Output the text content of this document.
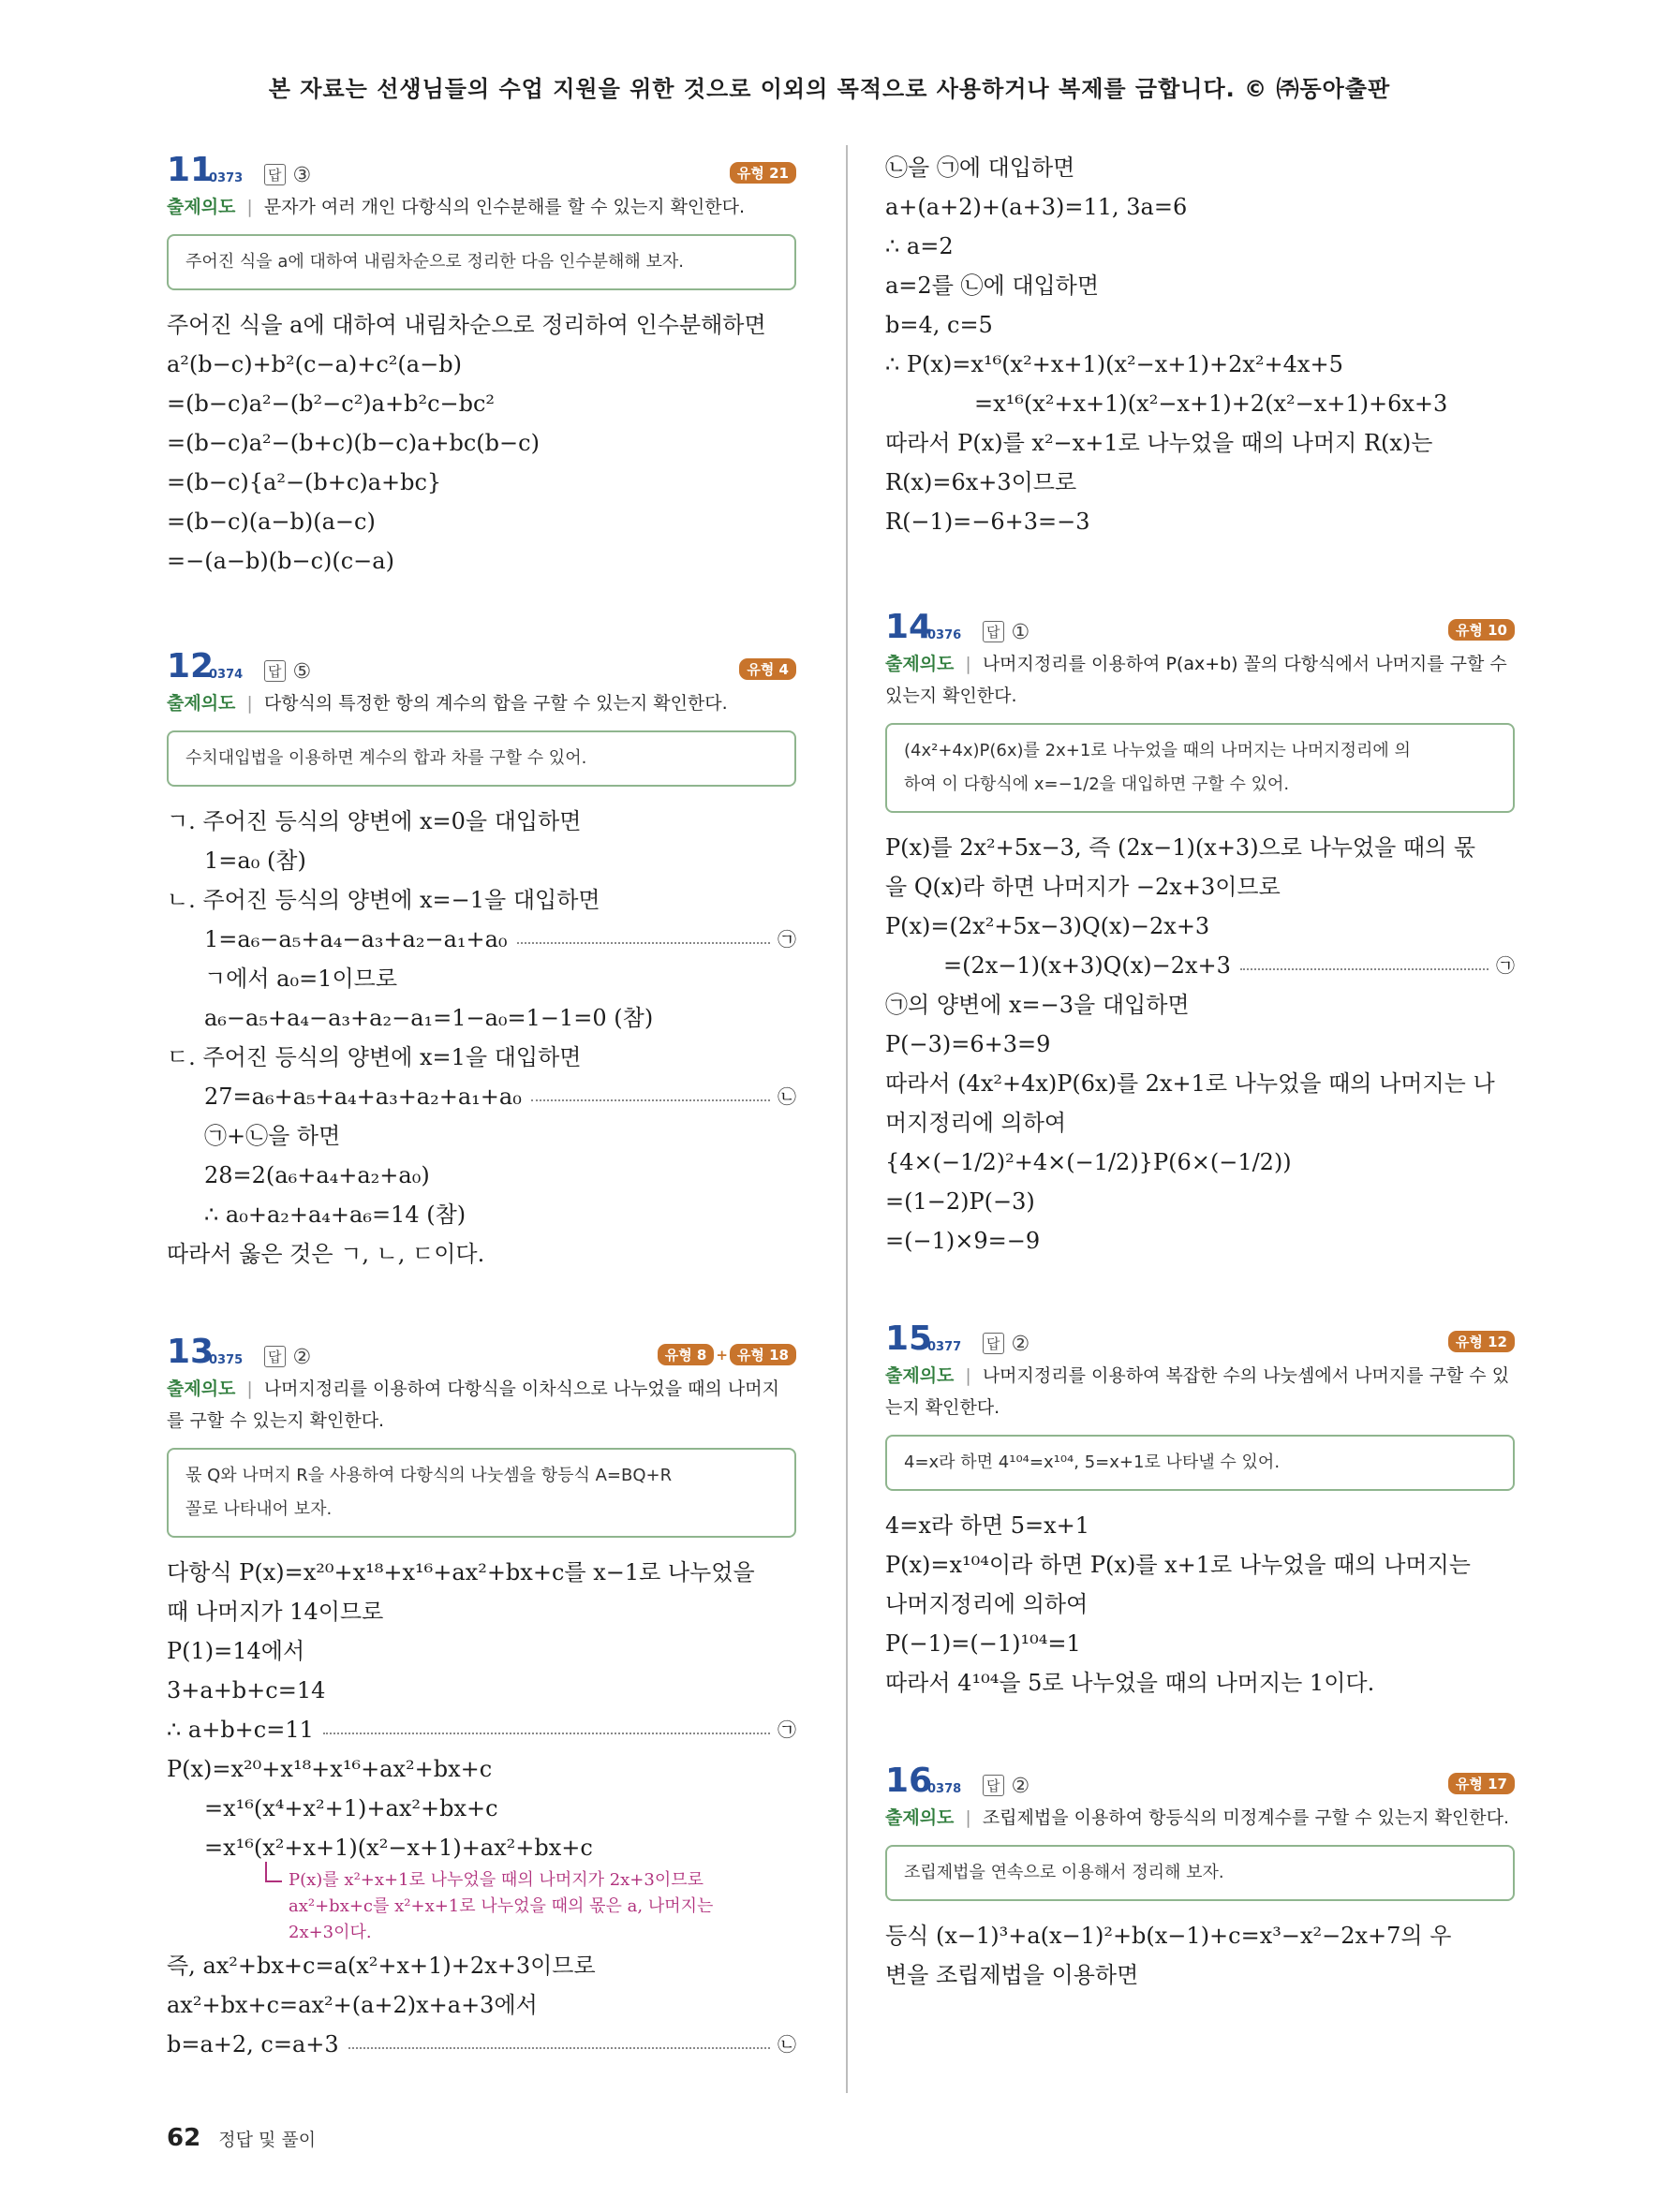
본 자료는 선생님들의 수업 지원을 위한 것으로 이외의 목적으로 사용하거나 복제를 금합니다. © ㈜동아출판
11
0373 답 ③	유형 21
출제의도 | 문자가 여러 개인 다항식의 인수분해를 할 수 있는지 확인한다.
주어진 식을 a에 대하여 내림차순으로 정리한 다음 인수분해해 보자.
주어진 식을 a에 대하여 내림차순으로 정리하여 인수분해하면
a²(b−c)+b²(c−a)+c²(a−b)
=(b−c)a²−(b²−c²)a+b²c−bc²
=(b−c)a²−(b+c)(b−c)a+bc(b−c)
=(b−c){a²−(b+c)a+bc}
=(b−c)(a−b)(a−c)
=−(a−b)(b−c)(c−a)
12
0374 답 ⑤	유형 4
출제의도 | 다항식의 특정한 항의 계수의 합을 구할 수 있는지 확인한다.
수치대입법을 이용하면 계수의 합과 차를 구할 수 있어.
ㄱ. 주어진 등식의 양변에 x=0을 대입하면
1=a₀ (참)
ㄴ. 주어진 등식의 양변에 x=−1을 대입하면
1=a₆−a₅+a₄−a₃+a₂−a₁+a₀	㉠
ㄱ에서 a₀=1이므로
a₆−a₅+a₄−a₃+a₂−a₁=1−a₀=1−1=0 (참)
ㄷ. 주어진 등식의 양변에 x=1을 대입하면
27=a₆+a₅+a₄+a₃+a₂+a₁+a₀	㉡
㉠+㉡을 하면
28=2(a₆+a₄+a₂+a₀)
∴ a₀+a₂+a₄+a₆=14 (참)
따라서 옳은 것은 ㄱ, ㄴ, ㄷ이다.
13
0375 답 ②	유형 8 + 유형 18
출제의도 | 나머지정리를 이용하여 다항식을 이차식으로 나누었을 때의 나머지를 구할 수 있는지 확인한다.
몫 Q와 나머지 R을 사용하여 다항식의 나눗셈을 항등식 A=BQ+R
꼴로 나타내어 보자.
다항식 P(x)=x²⁰+x¹⁸+x¹⁶+ax²+bx+c를 x−1로 나누었을
때 나머지가 14이므로
P(1)=14에서
3+a+b+c=14
∴ a+b+c=11	㉠
P(x)=x²⁰+x¹⁸+x¹⁶+ax²+bx+c
=x¹⁶(x⁴+x²+1)+ax²+bx+c
=x¹⁶(x²+x+1)(x²−x+1)+ax²+bx+c
P(x)를 x²+x+1로 나누었을 때의 나머지가 2x+3이므로
ax²+bx+c를 x²+x+1로 나누었을 때의 몫은 a, 나머지는
2x+3이다.
즉, ax²+bx+c=a(x²+x+1)+2x+3이므로
ax²+bx+c=ax²+(a+2)x+a+3에서
b=a+2, c=a+3	㉡
㉡을 ㉠에 대입하면
a+(a+2)+(a+3)=11, 3a=6
∴ a=2
a=2를 ㉡에 대입하면
b=4, c=5
∴ P(x)=x¹⁶(x²+x+1)(x²−x+1)+2x²+4x+5
=x¹⁶(x²+x+1)(x²−x+1)+2(x²−x+1)+6x+3
따라서 P(x)를 x²−x+1로 나누었을 때의 나머지 R(x)는
R(x)=6x+3이므로
R(−1)=−6+3=−3
14
0376 답 ①	유형 10
출제의도 | 나머지정리를 이용하여 P(ax+b) 꼴의 다항식에서 나머지를 구할 수 있는지 확인한다.
(4x²+4x)P(6x)를 2x+1로 나누었을 때의 나머지는 나머지정리에 의
하여 이 다항식에 x=−1/2을 대입하면 구할 수 있어.
P(x)를 2x²+5x−3, 즉 (2x−1)(x+3)으로 나누었을 때의 몫
을 Q(x)라 하면 나머지가 −2x+3이므로
P(x)=(2x²+5x−3)Q(x)−2x+3
=(2x−1)(x+3)Q(x)−2x+3	㉠
㉠의 양변에 x=−3을 대입하면
P(−3)=6+3=9
따라서 (4x²+4x)P(6x)를 2x+1로 나누었을 때의 나머지는 나
머지정리에 의하여
{4×(−1/2)²+4×(−1/2)}P(6×(−1/2))
=(1−2)P(−3)
=(−1)×9=−9
15
0377 답 ②	유형 12
출제의도 | 나머지정리를 이용하여 복잡한 수의 나눗셈에서 나머지를 구할 수 있는지 확인한다.
4=x라 하면 4¹⁰⁴=x¹⁰⁴, 5=x+1로 나타낼 수 있어.
4=x라 하면 5=x+1
P(x)=x¹⁰⁴이라 하면 P(x)를 x+1로 나누었을 때의 나머지는
나머지정리에 의하여
P(−1)=(−1)¹⁰⁴=1
따라서 4¹⁰⁴을 5로 나누었을 때의 나머지는 1이다.
16
0378 답 ②	유형 17
출제의도 | 조립제법을 이용하여 항등식의 미정계수를 구할 수 있는지 확인한다.
조립제법을 연속으로 이용해서 정리해 보자.
등식 (x−1)³+a(x−1)²+b(x−1)+c=x³−x²−2x+7의 우
변을 조립제법을 이용하면
62 정답 및 풀이
